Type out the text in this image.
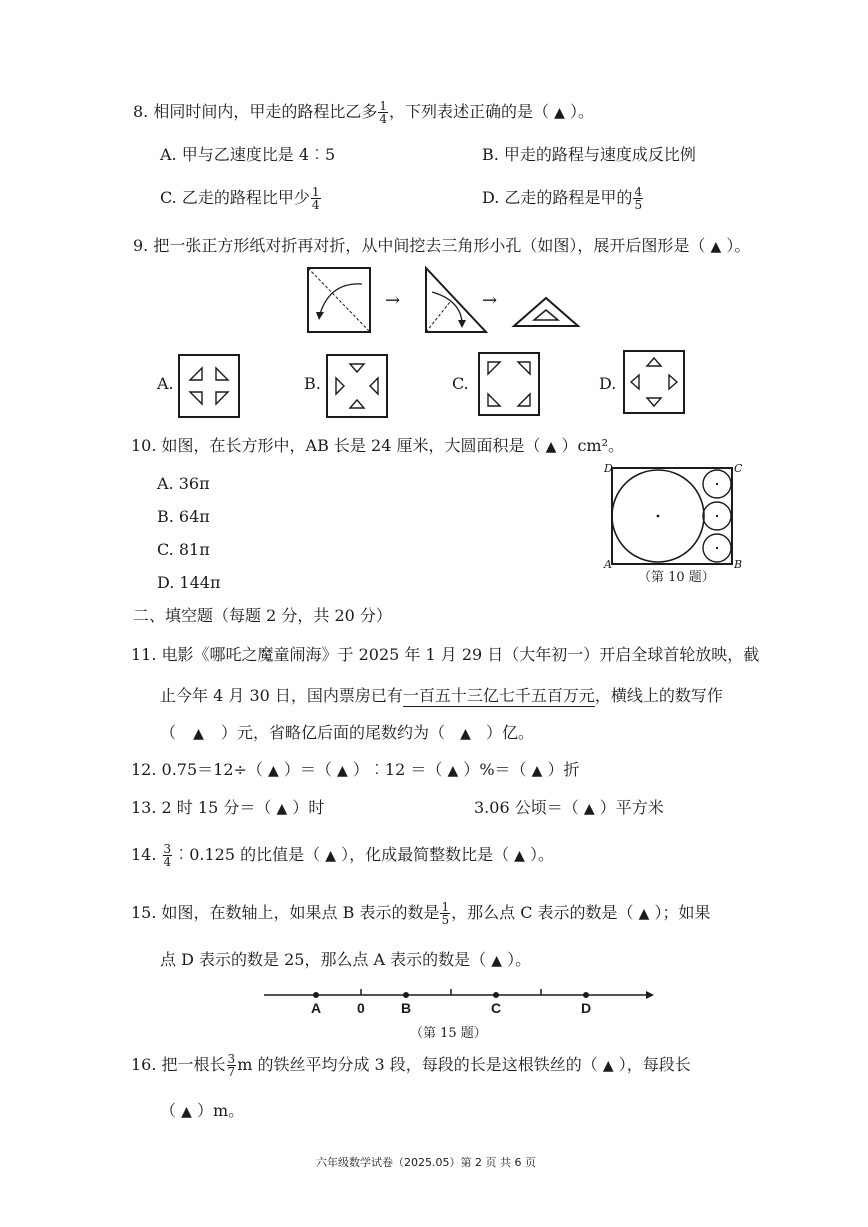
8. 相同时间内，甲走的路程比乙多 $\frac{1}{4}$ ，下列表述正确的是（ ▲ ）。
A. 甲与乙速度比是 4︰5	B. 甲走的路程与速度成反比例
C. 乙走的路程比甲少 $\frac{1}{4}$	D. 乙走的路程是甲的 $\frac{4}{5}$
9. 把一张正方形纸对折再对折，从中间挖去三角形小孔（如图），展开后图形是（ ▲ ）。
→	→
A.	B.	C.	D.
10. 如图，在长方形中，AB 长是 24 厘米，大圆面积是（ ▲ ）cm²。
A. 36π
B. 64π
C. 81π
D. 144π
D	C
A	B
（第 10 题）
二、填空题（每题 2 分，共 20 分）
11. 电影《哪吒之魔童闹海》于 2025 年 1 月 29 日（大年初一）开启全球首轮放映，截
止今年 4 月 30 日，国内票房已有一百五十三亿七千五百万元，横线上的数写作
（ ▲ ）元，省略亿后面的尾数约为（ ▲ ）亿。
12. 0.75＝12÷（ ▲ ）＝（ ▲ ）︰12 ＝（ ▲ ）%＝（ ▲ ）折
13. 2 时 15 分＝（ ▲ ）时	3.06 公顷＝（ ▲ ）平方米
14. $\frac{3}{4}$ ︰0.125 的比值是（ ▲ ），化成最简整数比是（ ▲ ）。
15. 如图，在数轴上，如果点 B 表示的数是 $\frac{1}{5}$ ，那么点 C 表示的数是（ ▲ ）；如果
点 D 表示的数是 25，那么点 A 表示的数是（ ▲ ）。
A	0	B	C	D
（第 15 题）
16. 把一根长 $\frac{3}{7}$ m 的铁丝平均分成 3 段，每段的长是这根铁丝的（ ▲ ），每段长
（ ▲ ）m。
六年级数学试卷（2025.05）第 2 页 共 6 页
